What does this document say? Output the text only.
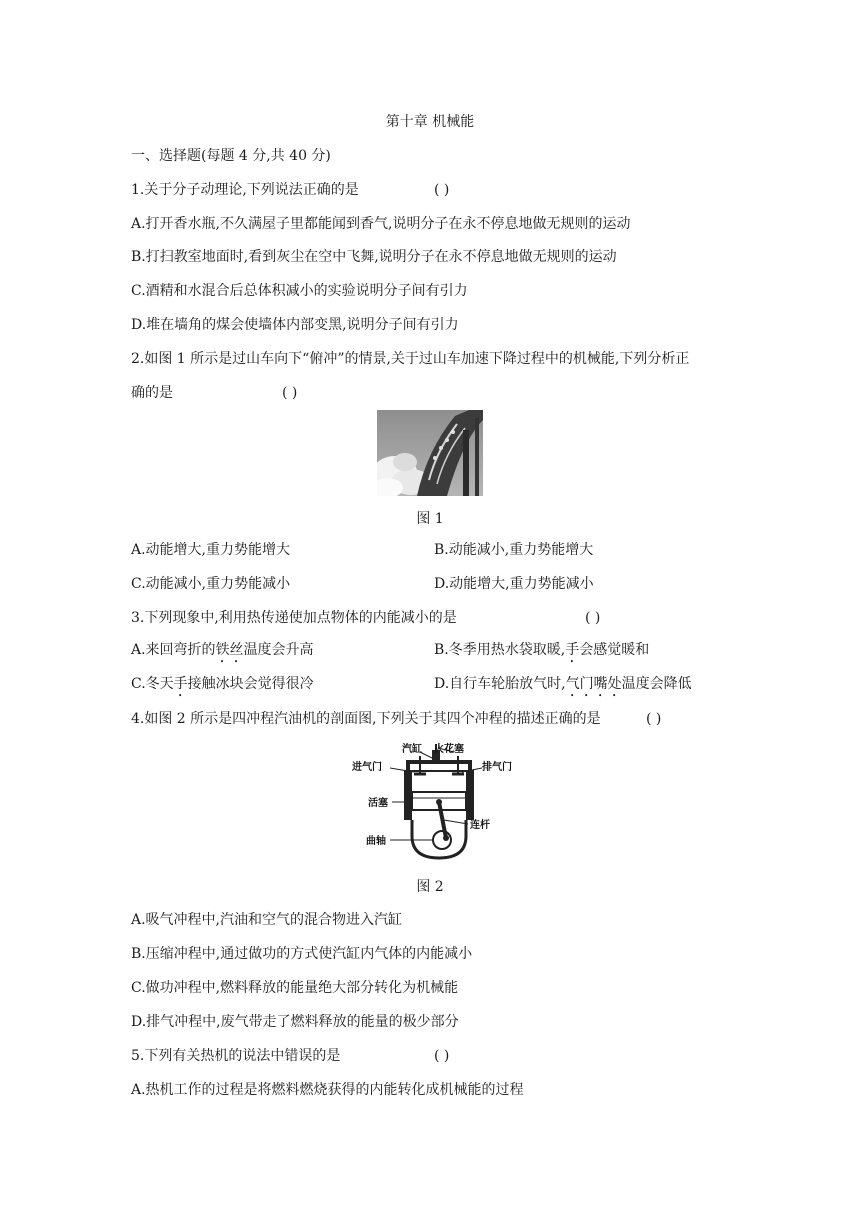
第十章 机械能
一、选择题(每题 4 分,共 40 分)
1.关于分子动理论,下列说法正确的是	( )
A.打开香水瓶,不久满屋子里都能闻到香气,说明分子在永不停息地做无规则的运动
B.打扫教室地面时,看到灰尘在空中飞舞,说明分子在永不停息地做无规则的运动
C.酒精和水混合后总体积减小的实验说明分子间有引力
D.堆在墙角的煤会使墙体内部变黑,说明分子间有引力
2.如图 1 所示是过山车向下“俯冲”的情景,关于过山车加速下降过程中的机械能,下列分析正
确的是	( )
图 1
A.动能增大,重力势能增大	B.动能减小,重力势能增大
C.动能减小,重力势能减小	D.动能增大,重力势能减小
3.下列现象中,利用热传递使加点物体的内能减小的是	( )
A.来回弯折的铁丝温度会升高	B.冬季用热水袋取暖,手会感觉暖和
C.冬天手接触冰块会觉得很冷	D.自行车轮胎放气时,气门嘴处温度会降低
4.如图 2 所示是四冲程汽油机的剖面图,下列关于其四个冲程的描述正确的是	( )
汽缸 火花塞
进气门	排气门
活塞
连杆
曲轴
图 2
A.吸气冲程中,汽油和空气的混合物进入汽缸
B.压缩冲程中,通过做功的方式使汽缸内气体的内能减小
C.做功冲程中,燃料释放的能量绝大部分转化为机械能
D.排气冲程中,废气带走了燃料释放的能量的极少部分
5.下列有关热机的说法中错误的是	( )
A.热机工作的过程是将燃料燃烧获得的内能转化成机械能的过程
